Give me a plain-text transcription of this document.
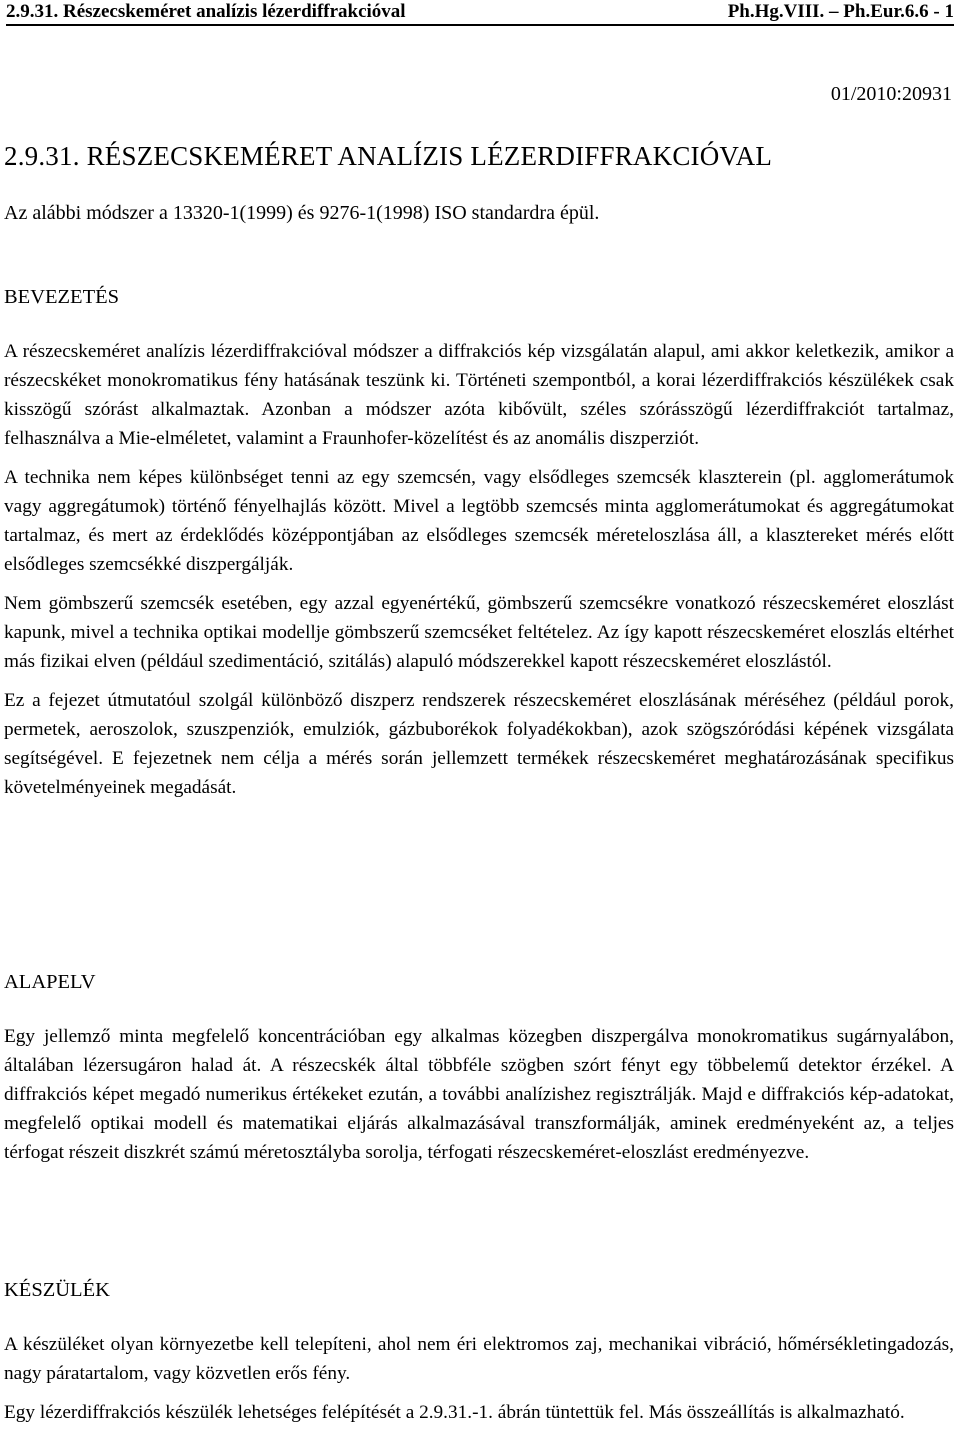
2.9.31. Részecskeméret analízis lézerdiffrakcióval	Ph.Hg.VIII. – Ph.Eur.6.6 - 1
01/2010:20931
2.9.31. RÉSZECSKEMÉRET ANALÍZIS LÉZERDIFFRAKCIÓVAL
Az alábbi módszer a 13320-1(1999) és 9276-1(1998) ISO standardra épül.
BEVEZETÉS

A részecskeméret analízis lézerdiffrakcióval módszer a diffrakciós kép vizsgálatán alapul, ami akkor keletkezik, amikor a részecskéket monokromatikus fény hatásának teszünk ki. Történeti szempontból, a korai lézerdiffrakciós készülékek csak kisszögű szórást alkalmaztak. Azonban a módszer azóta kibővült, széles szórásszögű lézerdiffrakciót tartalmaz, felhasználva a Mie-elméletet, valamint a Fraunhofer-közelítést és az anomális diszperziót.

A technika nem képes különbséget tenni az egy szemcsén, vagy elsődleges szemcsék klaszterein (pl. agglomerátumok vagy aggregátumok) történő fényelhajlás között. Mivel a legtöbb szemcsés minta agglomerátumokat és aggregátumokat tartalmaz, és mert az érdeklődés középpontjában az elsődleges szemcsék méreteloszlása áll, a klasztereket mérés előtt elsődleges szemcsékké diszpergálják.

Nem gömbszerű szemcsék esetében, egy azzal egyenértékű, gömbszerű szemcsékre vonatkozó részecskeméret eloszlást kapunk, mivel a technika optikai modellje gömbszerű szemcséket feltételez. Az így kapott részecskeméret eloszlás eltérhet más fizikai elven (például szedimentáció, szitálás) alapuló módszerekkel kapott részecskeméret eloszlástól.

Ez a fejezet útmutatóul szolgál különböző diszperz rendszerek részecskeméret eloszlásának méréséhez (például porok, permetek, aeroszolok, szuszpenziók, emulziók, gázbuborékok folyadékokban), azok szögszóródási képének vizsgálata segítségével. E fejezetnek nem célja a mérés során jellemzett termékek részecskeméret meghatározásának specifikus követelményeinek megadását.

ALAPELV

Egy jellemző minta megfelelő koncentrációban egy alkalmas közegben diszpergálva monokromatikus sugárnyalábon, általában lézersugáron halad át. A részecskék által többféle szögben szórt fényt egy többelemű detektor érzékel. A diffrakciós képet megadó numerikus értékeket ezután, a további analízishez regisztrálják. Majd e diffrakciós kép-adatokat, megfelelő optikai modell és matematikai eljárás alkalmazásával transzformálják, aminek eredményeként az, a teljes térfogat részeit diszkrét számú méretosztályba sorolja, térfogati részecskeméret-eloszlást eredményezve.

KÉSZÜLÉK

A készüléket olyan környezetbe kell telepíteni, ahol nem éri elektromos zaj, mechanikai vibráció, hőmérsékletingadozás, nagy páratartalom, vagy közvetlen erős fény.

Egy lézerdiffrakciós készülék lehetséges felépítését a 2.9.31.-1. ábrán tüntettük fel. Más összeállítás is alkalmazható.
